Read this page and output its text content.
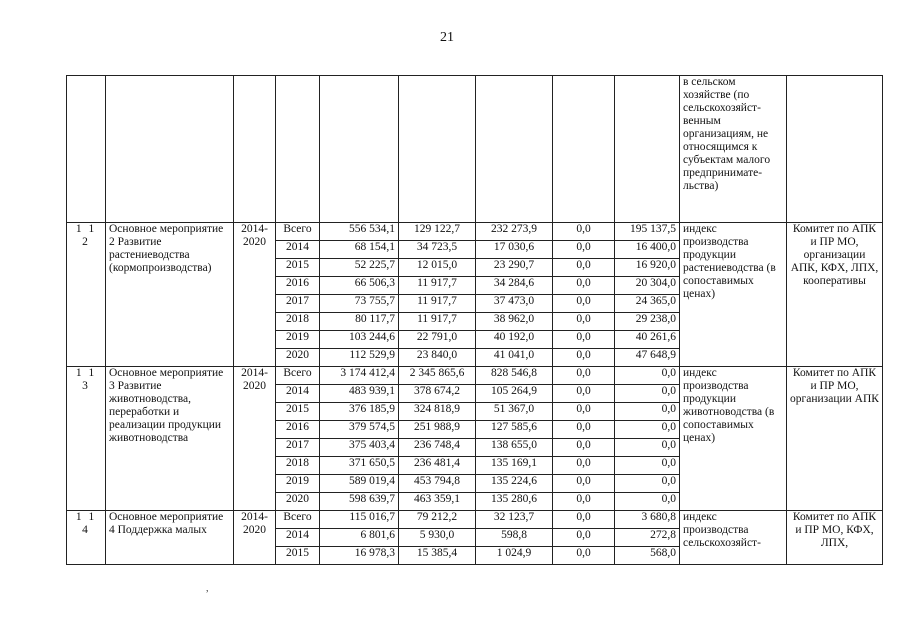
21
									в сельском хозяйстве (по сельскохозяйст-венным организациям, не относящимся к субъектам малого предпринимате-льства)	
1 1 2	Основное мероприятие 2 Развитие растениеводства (кормопроизводства)	2014-2020	Всего	556 534,1	129 122,7	232 273,9	0,0	195 137,5	индекс производства продукции растениеводства (в сопоставимых ценах)	Комитет по АПК и ПР МО, организации АПК, КФХ, ЛПХ, кооперативы
			2014	68 154,1	34 723,5	17 030,6	0,0	16 400,0		
			2015	52 225,7	12 015,0	23 290,7	0,0	16 920,0		
			2016	66 506,3	11 917,7	34 284,6	0,0	20 304,0		
			2017	73 755,7	11 917,7	37 473,0	0,0	24 365,0		
			2018	80 117,7	11 917,7	38 962,0	0,0	29 238,0		
			2019	103 244,6	22 791,0	40 192,0	0,0	40 261,6		
			2020	112 529,9	23 840,0	41 041,0	0,0	47 648,9		
1 1 3	Основное мероприятие 3 Развитие животноводства, переработки и реализации продукции животноводства	2014-2020	Всего	3 174 412,4	2 345 865,6	828 546,8	0,0	0,0	индекс производства продукции животноводства (в сопоставимых ценах)	Комитет по АПК и ПР МО, организации АПК
			2014	483 939,1	378 674,2	105 264,9	0,0	0,0		
			2015	376 185,9	324 818,9	51 367,0	0,0	0,0		
			2016	379 574,5	251 988,9	127 585,6	0,0	0,0		
			2017	375 403,4	236 748,4	138 655,0	0,0	0,0		
			2018	371 650,5	236 481,4	135 169,1	0,0	0,0		
			2019	589 019,4	453 794,8	135 224,6	0,0	0,0		
			2020	598 639,7	463 359,1	135 280,6	0,0	0,0		
1 1 4	Основное мероприятие 4 Поддержка малых	2014-2020	Всего	115 016,7	79 212,2	32 123,7	0,0	3 680,8	индекс производства сельскохозяйст-	Комитет по АПК и ПР МО, КФХ, ЛПХ,
			2014	6 801,6	5 930,0	598,8	0,0	272,8		
			2015	16 978,3	15 385,4	1 024,9	0,0	568,0		
,
